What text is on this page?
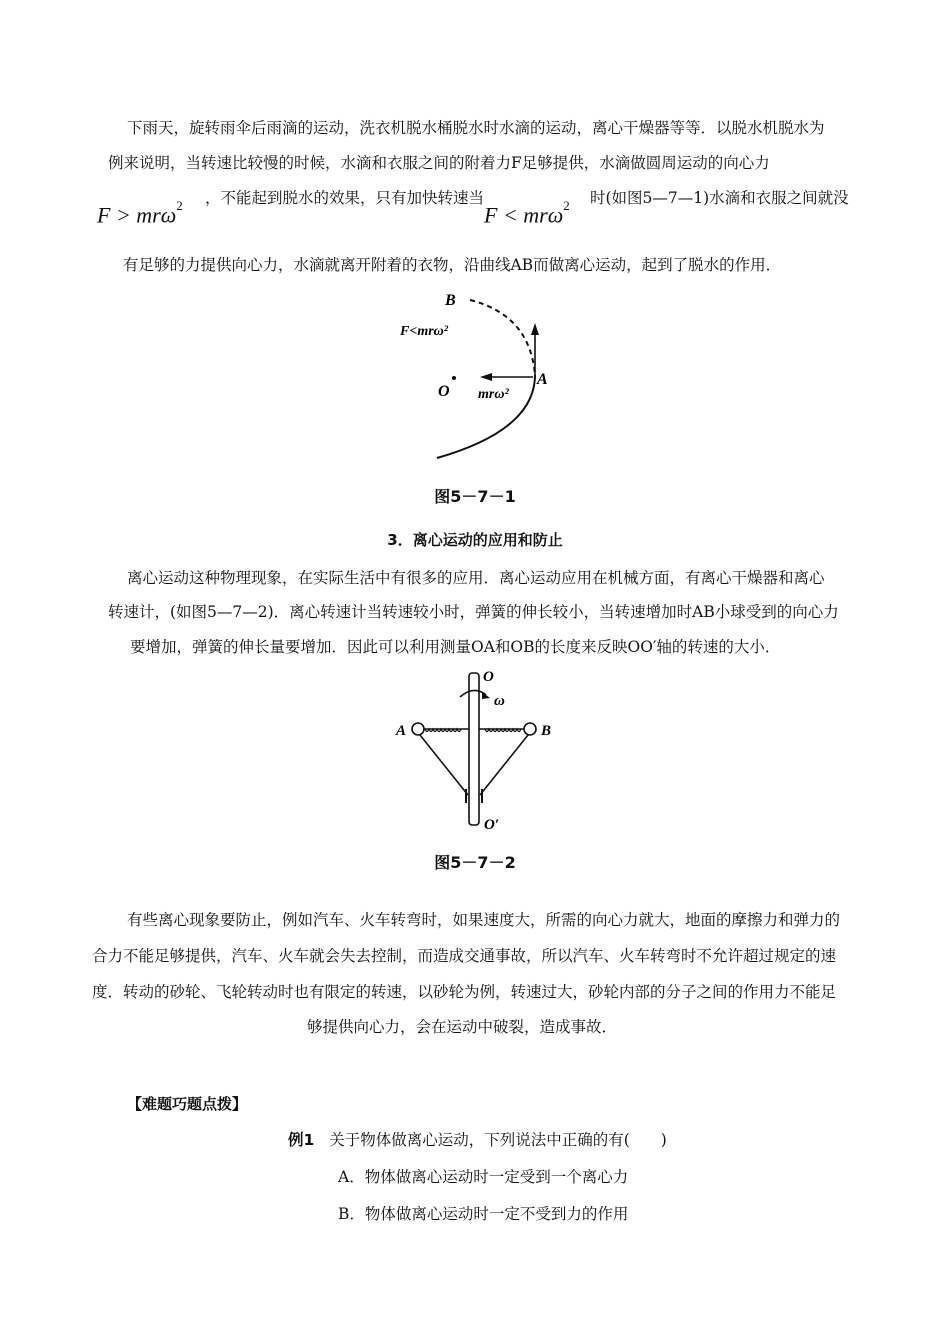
下雨天，旋转雨伞后雨滴的运动，洗衣机脱水桶脱水时水滴的运动，离心干燥器等等．以脱水机脱水为
例来说明，当转速比较慢的时候，水滴和衣服之间的附着力F足够提供，水滴做圆周运动的向心力
F > mrω$^2$ ，不能起到脱水的效果，只有加快转速当
F < mrω$^2$ 时(如图5—7—1)水滴和衣服之间就没
有足够的力提供向心力，水滴就离开附着的衣物，沿曲线AB而做离心运动，起到了脱水的作用．
B
F<mrω²
O
A
mrω²
图5－7－1
3．离心运动的应用和防止
离心运动这种物理现象，在实际生活中有很多的应用．离心运动应用在机械方面，有离心干燥器和离心
转速计，(如图5—7—2)．离心转速计当转速较小时，弹簧的伸长较小，当转速增加时AB小球受到的向心力
要增加，弹簧的伸长量要增加．因此可以利用测量OA和OB的长度来反映OO′轴的转速的大小．
O
ω
A	B
O′
图5－7－2
有些离心现象要防止，例如汽车、火车转弯时，如果速度大，所需的向心力就大，地面的摩擦力和弹力的
合力不能足够提供，汽车、火车就会失去控制，而造成交通事故，所以汽车、火车转弯时不允许超过规定的速
度．转动的砂轮、飞轮转动时也有限定的转速，以砂轮为例，转速过大，砂轮内部的分子之间的作用力不能足
够提供向心力，会在运动中破裂，造成事故．
【难题巧题点拨】
例1 关于物体做离心运动，下列说法中正确的有(　　)
A．物体做离心运动时一定受到一个离心力
B．物体做离心运动时一定不受到力的作用
